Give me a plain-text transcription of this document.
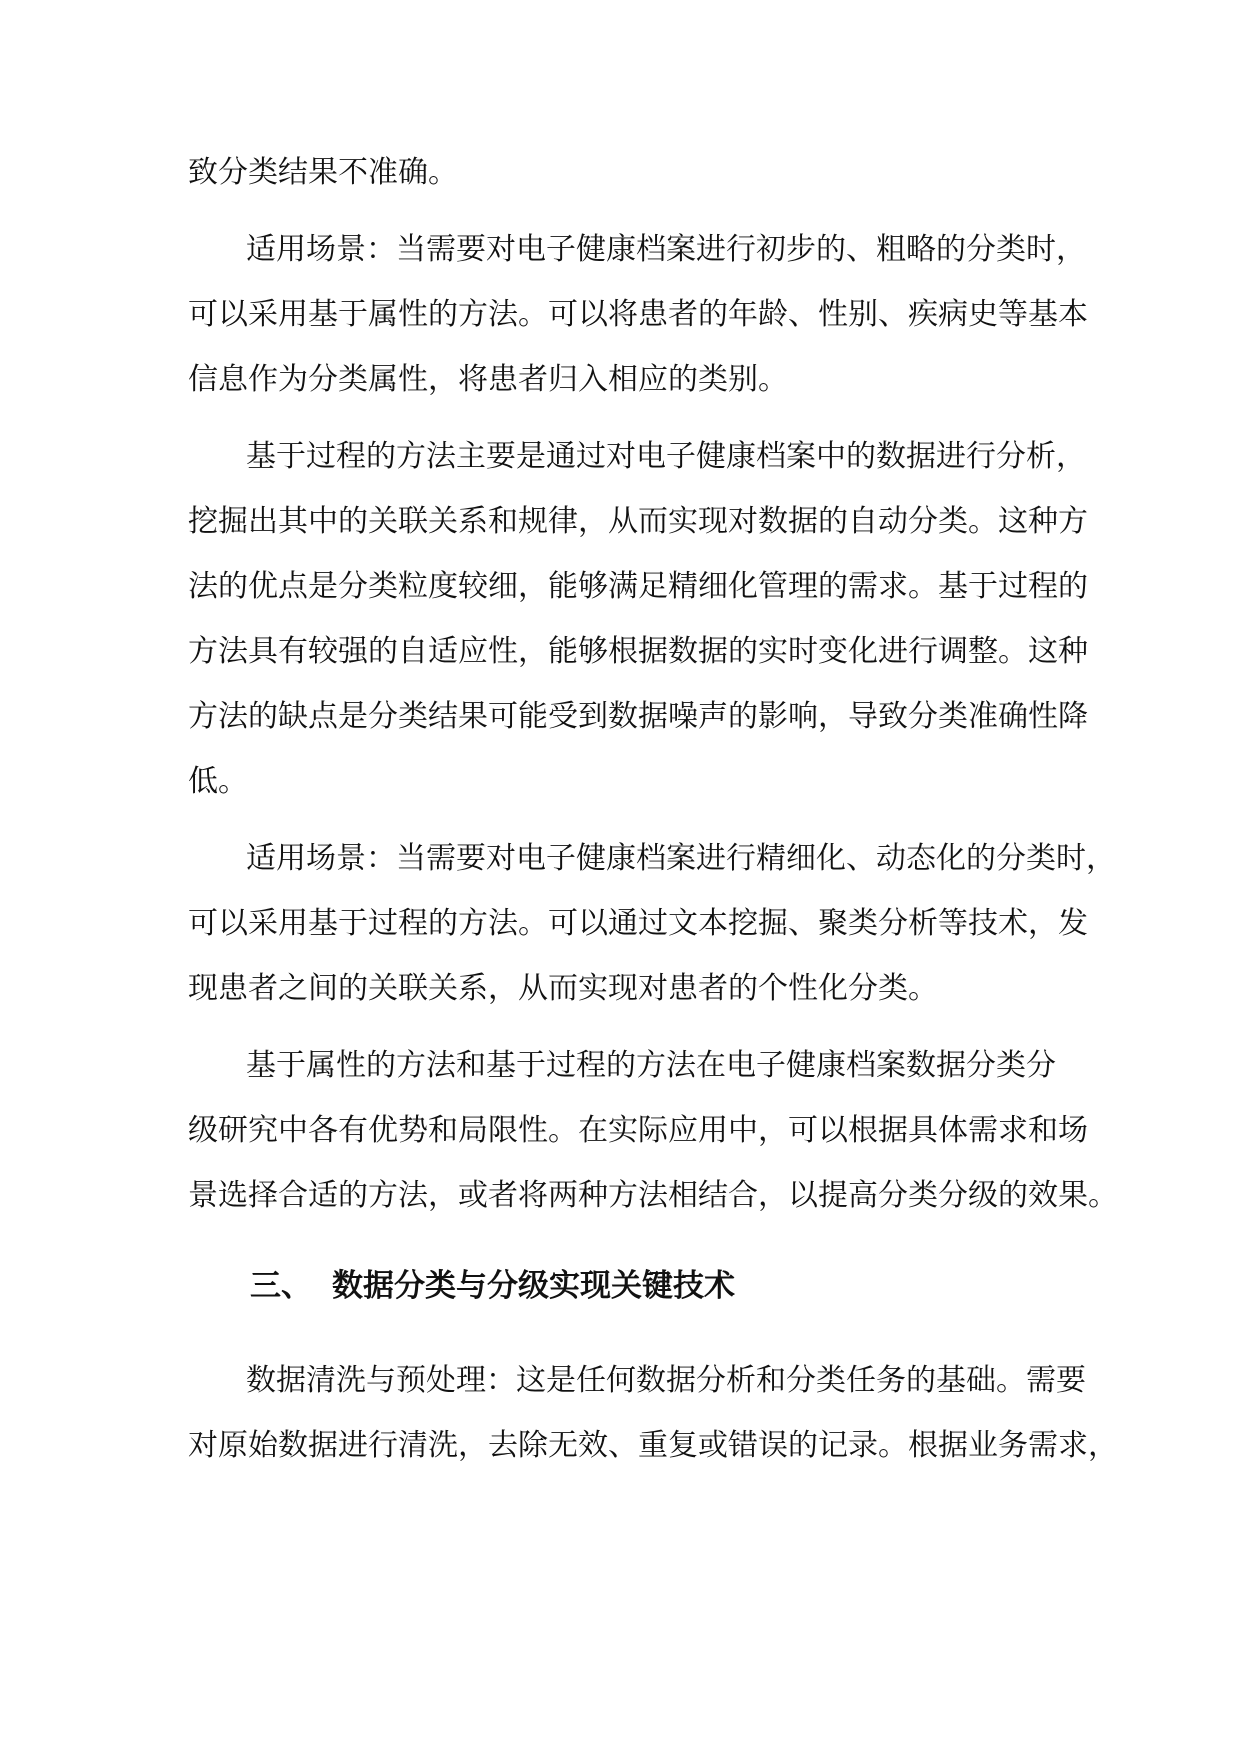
致分类结果不准确。

适用场景：当需要对电子健康档案进行初步的、粗略的分类时，
可以采用基于属性的方法。可以将患者的年龄、性别、疾病史等基本
信息作为分类属性，将患者归入相应的类别。

基于过程的方法主要是通过对电子健康档案中的数据进行分析，
挖掘出其中的关联关系和规律，从而实现对数据的自动分类。这种方
法的优点是分类粒度较细，能够满足精细化管理的需求。基于过程的
方法具有较强的自适应性，能够根据数据的实时变化进行调整。这种
方法的缺点是分类结果可能受到数据噪声的影响，导致分类准确性降
低。

适用场景：当需要对电子健康档案进行精细化、动态化的分类时，
可以采用基于过程的方法。可以通过文本挖掘、聚类分析等技术，发
现患者之间的关联关系，从而实现对患者的个性化分类。

基于属性的方法和基于过程的方法在电子健康档案数据分类分
级研究中各有优势和局限性。在实际应用中，可以根据具体需求和场
景选择合适的方法，或者将两种方法相结合，以提高分类分级的效果。

三、 数据分类与分级实现关键技术

数据清洗与预处理：这是任何数据分析和分类任务的基础。需要
对原始数据进行清洗，去除无效、重复或错误的记录。根据业务需求，
